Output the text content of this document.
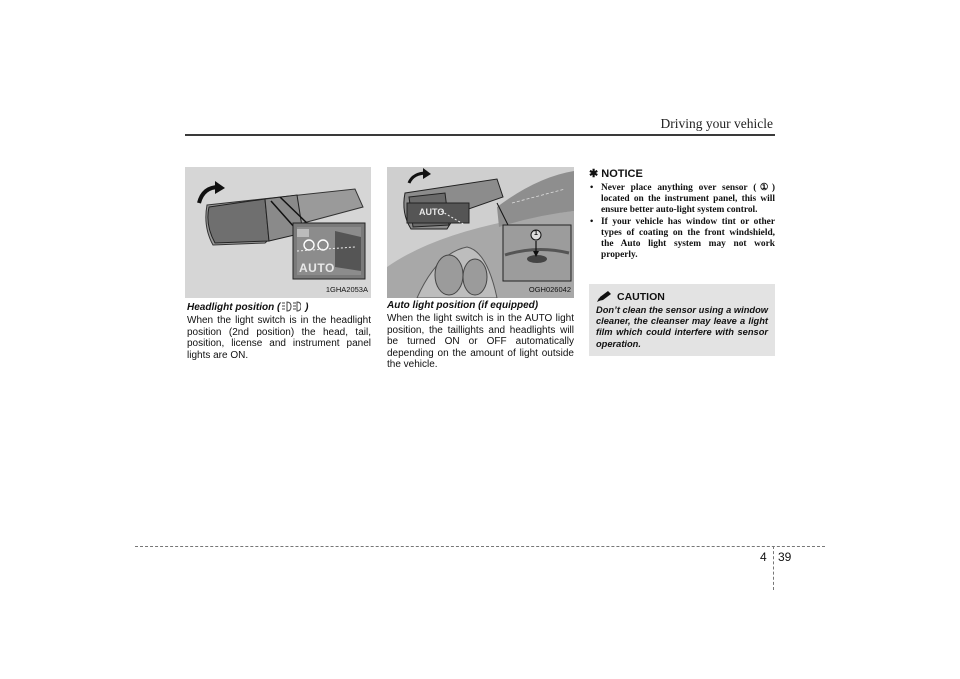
Driving your vehicle
AUTO
1GHA2053A
Headlight position ( )
When the light switch is in the headlight position (2nd position) the head, tail, position, license and instrument panel lights are ON.
AUTO
1
OGH026042
Auto light position (if equipped)
When the light switch is in the AUTO light position, the taillights and headlights will be turned ON or OFF automatically depending on the amount of light outside the vehicle.
✱ NOTICE
• Never place anything over sensor (①) located on the instrument panel, this will ensure better auto-light system control.
• If your vehicle has window tint or other types of coating on the front windshield, the Auto light system may not work properly.
CAUTION
Don’t clean the sensor using a window cleaner, the cleanser may leave a light film which could interfere with sensor operation.
4 39
